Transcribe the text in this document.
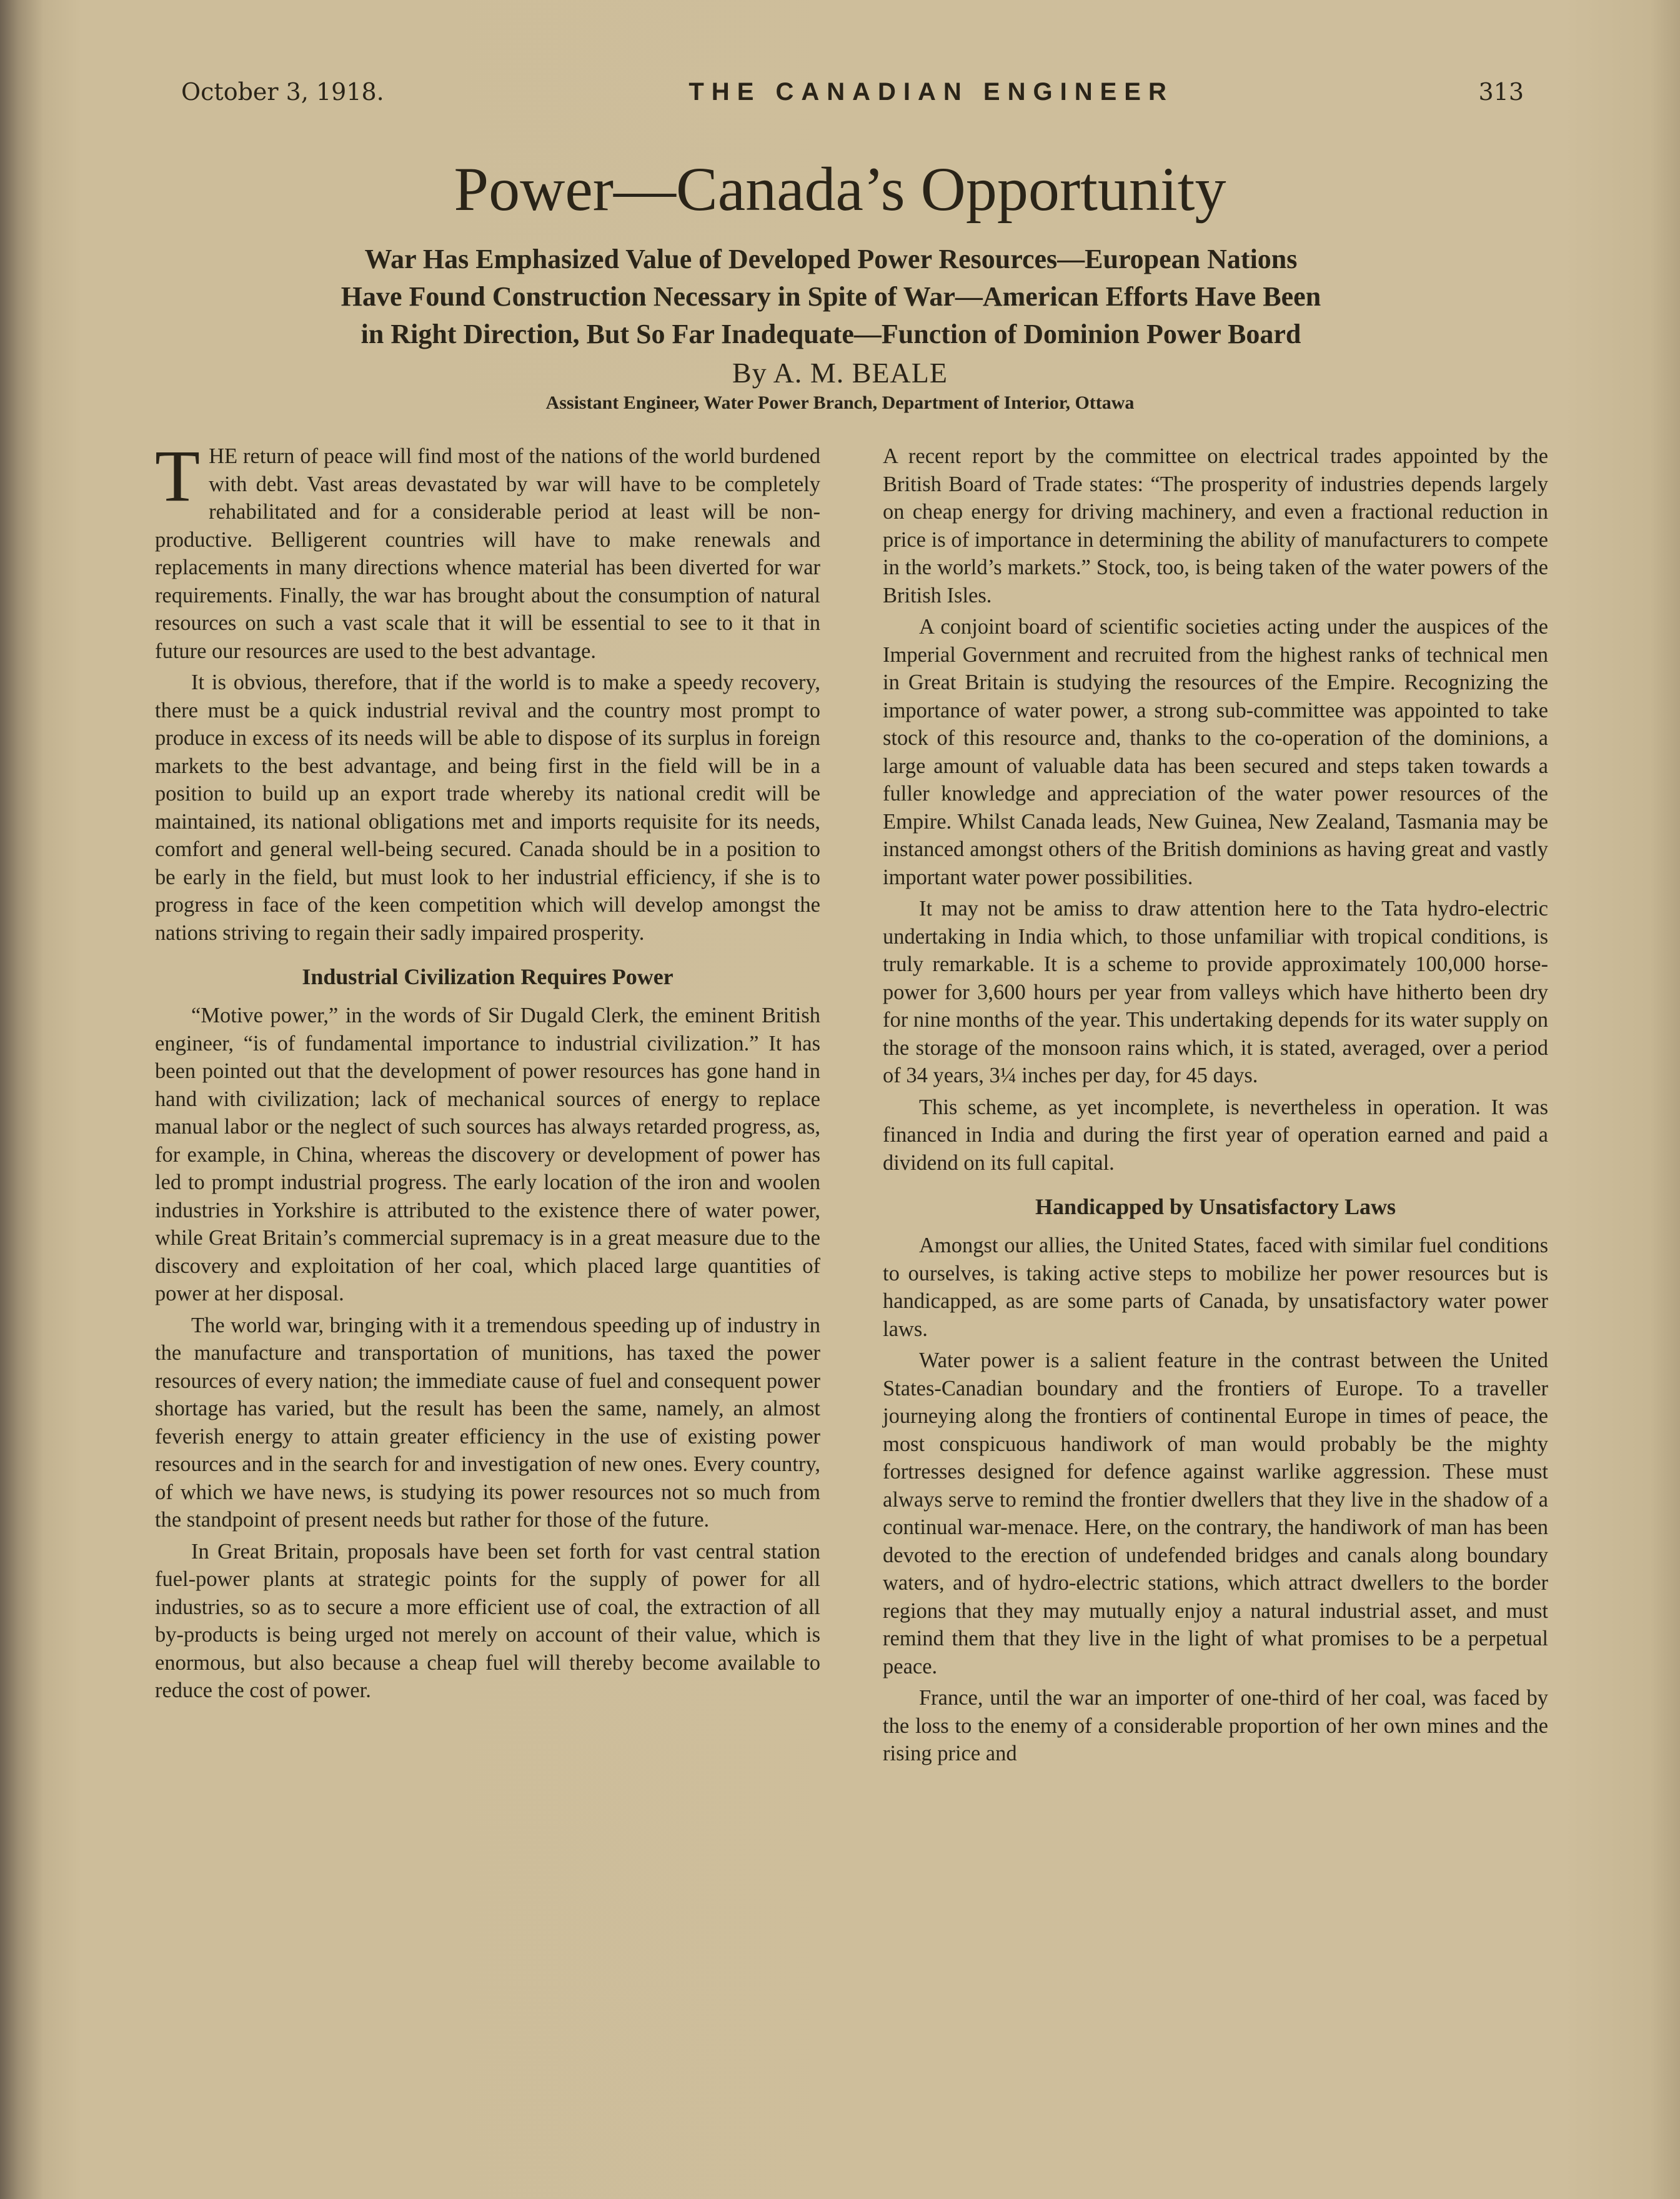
October 3, 1918.	THE CANADIAN ENGINEER	313
Power—Canada’s Opportunity
War Has Emphasized Value of Developed Power Resources—European Nations
Have Found Construction Necessary in Spite of War—American Efforts Have Been
in Right Direction, But So Far Inadequate—Function of Dominion Power Board
By A. M. BEALE
Assistant Engineer, Water Power Branch, Department of Interior, Ottawa

THE return of peace will find most of the nations of the world burdened with debt. Vast areas devastated by war will have to be completely rehabilitated and for a considerable period at least will be non-productive. Belligerent countries will have to make renewals and replacements in many directions whence material has been diverted for war requirements. Finally, the war has brought about the consumption of natural resources on such a vast scale that it will be essential to see to it that in future our resources are used to the best advantage.

It is obvious, therefore, that if the world is to make a speedy recovery, there must be a quick industrial revival and the country most prompt to produce in excess of its needs will be able to dispose of its surplus in foreign markets to the best advantage, and being first in the field will be in a position to build up an export trade whereby its national credit will be maintained, its national obligations met and imports requisite for its needs, comfort and general well-being secured. Canada should be in a position to be early in the field, but must look to her industrial efficiency, if she is to progress in face of the keen competition which will develop amongst the nations striving to regain their sadly impaired prosperity.

Industrial Civilization Requires Power

“Motive power,” in the words of Sir Dugald Clerk, the eminent British engineer, “is of fundamental importance to industrial civilization.” It has been pointed out that the development of power resources has gone hand in hand with civilization; lack of mechanical sources of energy to replace manual labor or the neglect of such sources has always retarded progress, as, for example, in China, whereas the discovery or development of power has led to prompt industrial progress. The early location of the iron and woolen industries in Yorkshire is attributed to the existence there of water power, while Great Britain’s commercial supremacy is in a great measure due to the discovery and exploitation of her coal, which placed large quantities of power at her disposal.

The world war, bringing with it a tremendous speeding up of industry in the manufacture and transportation of munitions, has taxed the power resources of every nation; the immediate cause of fuel and consequent power shortage has varied, but the result has been the same, namely, an almost feverish energy to attain greater efficiency in the use of existing power resources and in the search for and investigation of new ones. Every country, of which we have news, is studying its power resources not so much from the standpoint of present needs but rather for those of the future.

In Great Britain, proposals have been set forth for vast central station fuel-power plants at strategic points for the supply of power for all industries, so as to secure a more efficient use of coal, the extraction of all by-products is being urged not merely on account of their value, which is enormous, but also because a cheap fuel will thereby become available to reduce the cost of power.

A recent report by the committee on electrical trades appointed by the British Board of Trade states: “The prosperity of industries depends largely on cheap energy for driving machinery, and even a fractional reduction in price is of importance in determining the ability of manufacturers to compete in the world’s markets.” Stock, too, is being taken of the water powers of the British Isles.

A conjoint board of scientific societies acting under the auspices of the Imperial Government and recruited from the highest ranks of technical men in Great Britain is studying the resources of the Empire. Recognizing the importance of water power, a strong sub-committee was appointed to take stock of this resource and, thanks to the co-operation of the dominions, a large amount of valuable data has been secured and steps taken towards a fuller knowledge and appreciation of the water power resources of the Empire. Whilst Canada leads, New Guinea, New Zealand, Tasmania may be instanced amongst others of the British dominions as having great and vastly important water power possibilities.

It may not be amiss to draw attention here to the Tata hydro-electric undertaking in India which, to those unfamiliar with tropical conditions, is truly remarkable. It is a scheme to provide approximately 100,000 horse-power for 3,600 hours per year from valleys which have hitherto been dry for nine months of the year. This undertaking depends for its water supply on the storage of the monsoon rains which, it is stated, averaged, over a period of 34 years, 3¼ inches per day, for 45 days.

This scheme, as yet incomplete, is nevertheless in operation. It was financed in India and during the first year of operation earned and paid a dividend on its full capital.

Handicapped by Unsatisfactory Laws

Amongst our allies, the United States, faced with similar fuel conditions to ourselves, is taking active steps to mobilize her power resources but is handicapped, as are some parts of Canada, by unsatisfactory water power laws.

Water power is a salient feature in the contrast between the United States-Canadian boundary and the frontiers of Europe. To a traveller journeying along the frontiers of continental Europe in times of peace, the most conspicuous handiwork of man would probably be the mighty fortresses designed for defence against warlike aggression. These must always serve to remind the frontier dwellers that they live in the shadow of a continual war-menace. Here, on the contrary, the handiwork of man has been devoted to the erection of undefended bridges and canals along boundary waters, and of hydro-electric stations, which attract dwellers to the border regions that they may mutually enjoy a natural industrial asset, and must remind them that they live in the light of what promises to be a perpetual peace.

France, until the war an importer of one-third of her coal, was faced by the loss to the enemy of a considerable proportion of her own mines and the rising price and
